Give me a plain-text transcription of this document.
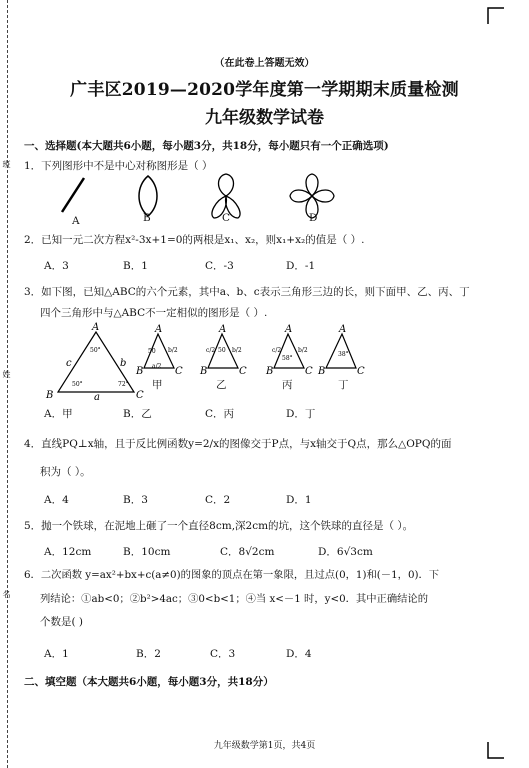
班
姓
名
（在此卷上答题无效）
广丰区2019—2020学年度第一学期期末质量检测
九年级数学试卷
一、选择题(本大题共6小题，每小题3分，共18分，每小题只有一个正确选项)
1．下列图形中不是中心对称图形是（ ）
A	B	C	D
2．已知一元二次方程x²-3x+1=0的两根是x₁、x₂，则x₁+x₂的值是（ ）.
A．3	B．1	C．-3	D．-1
3．如下图，已知△ABC的六个元素，其中a、b、c表示三角形三边的长，则下面甲、乙、丙、丁
四个三角形中与△ABC不一定相似的图形是（ ）.
A
B	C
c	b
a
50°
50°	72°
A
B	C
50 b/2
a/2
A
B	C
c/2 50 b/2
A
B	C
c/2	b/2
58°
A
B	C
38°
甲	乙	丙	丁
A．甲	B．乙	C．丙	D．丁
4．直线PQ⊥x轴，且于反比例函数y=2/x的图像交于P点，与x轴交于Q点，那么△OPQ的面
积为（ ）。
A．4	B．3	C．2	D．1
5．抛一个铁球，在泥地上砸了一个直径8cm,深2cm的坑，这个铁球的直径是（ ）。
A．12cm	B．10cm	C．8√2cm	D．6√3cm
6．二次函数 y=ax²+bx+c(a≠0)的图象的顶点在第一象限，且过点(0，1)和(－1，0)．下
列结论：①ab<0；②b²>4ac；③0<b<1；④当 x<－1 时，y<0．其中正确结论的
个数是( )
A．1	B．2	C．3	D．4
二、填空题（本大题共6小题，每小题3分，共18分）
九年级数学第1页，共4页
